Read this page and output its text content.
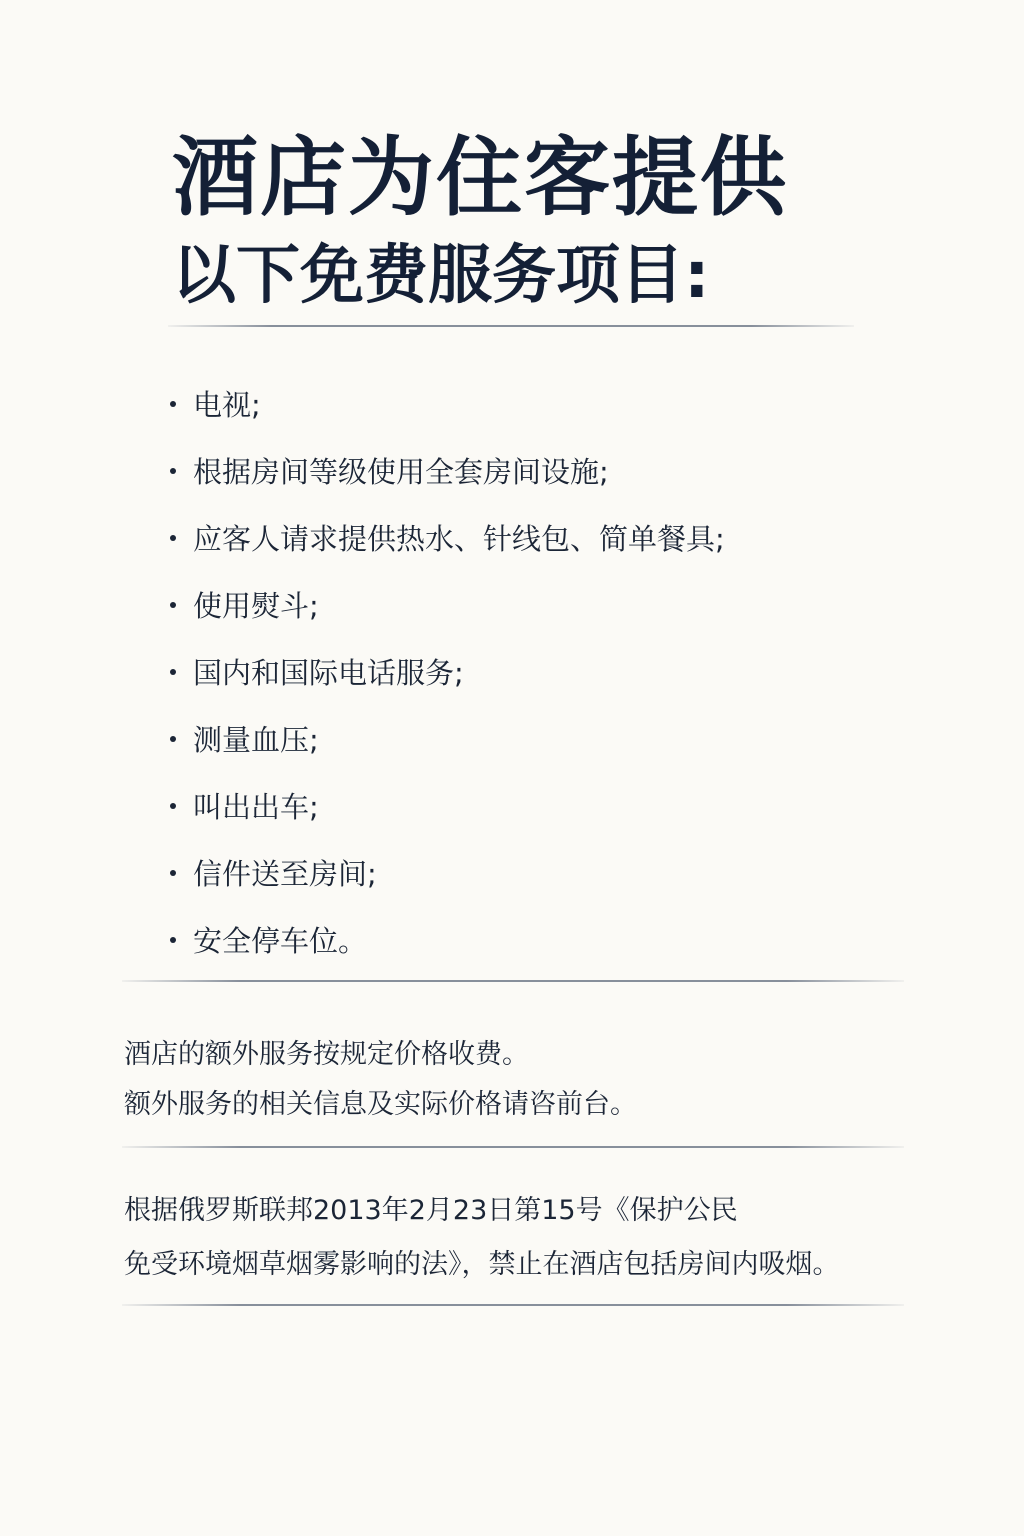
酒店为住客提供
以下免费服务项目:
电视;
根据房间等级使用全套房间设施;
应客人请求提供热水、针线包、简单餐具;
使用熨斗;
国内和国际电话服务;
测量血压;
叫出出车;
信件送至房间;
安全停车位。
酒店的额外服务按规定价格收费。
额外服务的相关信息及实际价格请咨前台。
根据俄罗斯联邦2013年2月23日第15号《保护公民
免受环境烟草烟雾影响的法》，禁止在酒店包括房间内吸烟。
